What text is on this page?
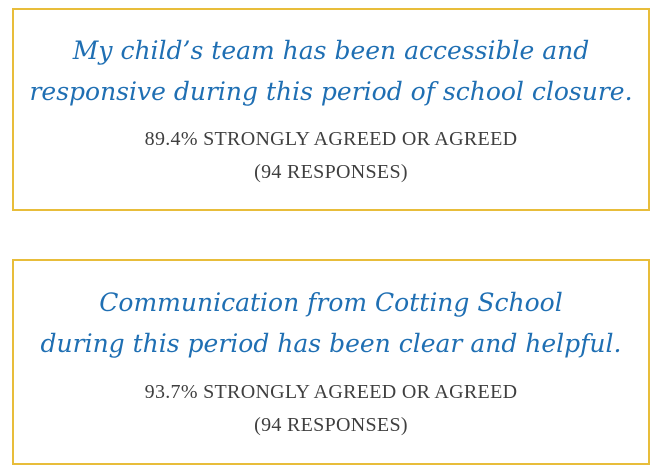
My child’s team has been accessible and
responsive during this period of school closure.

89.4% STRONGLY AGREED OR AGREED

(94 RESPONSES)

Communication from Cotting School
during this period has been clear and helpful.

93.7% STRONGLY AGREED OR AGREED

(94 RESPONSES)
